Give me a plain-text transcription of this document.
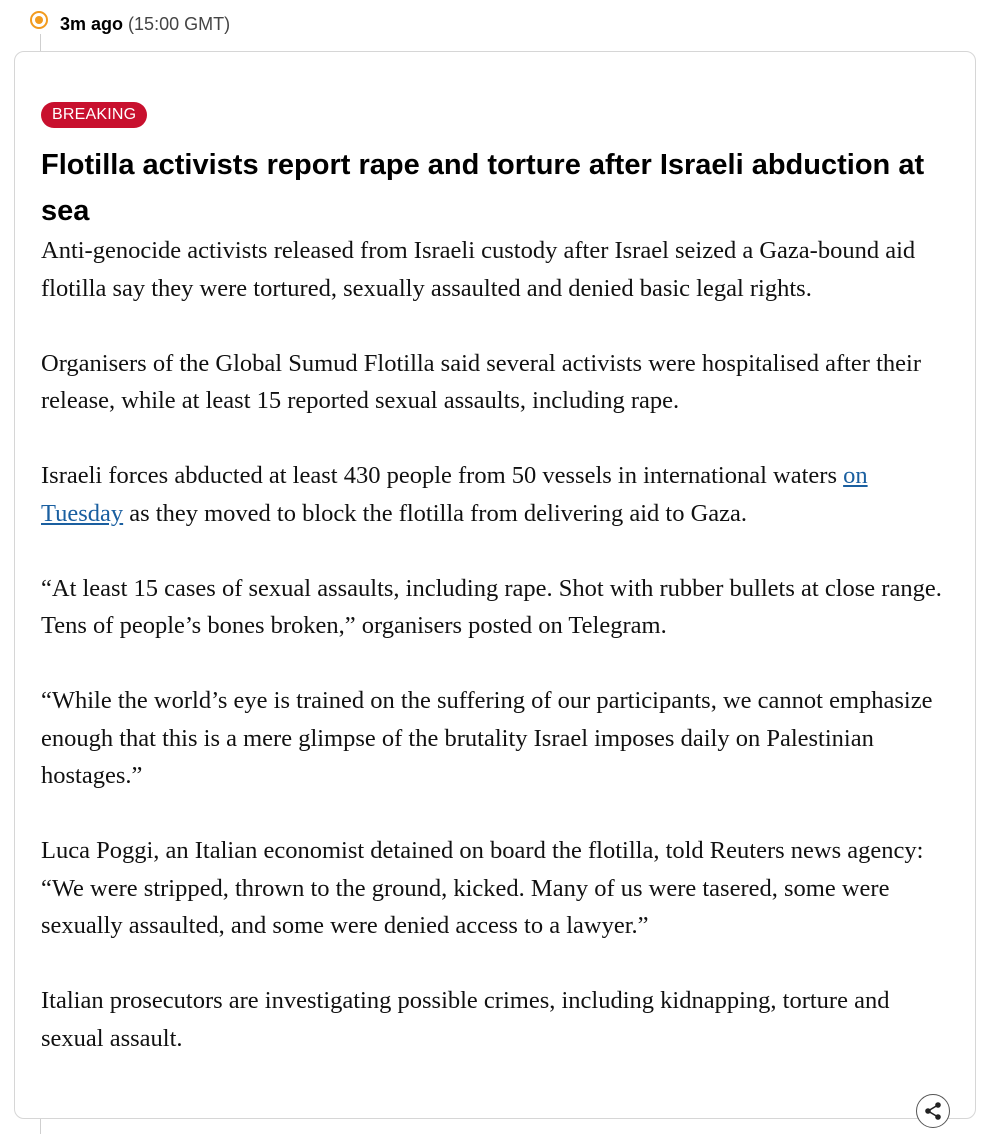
3m ago (15:00 GMT)
BREAKING
Flotilla activists report rape and torture after Israeli abduction at sea

Anti-genocide activists released from Israeli custody after Israel seized a Gaza-bound aid flotilla say they were tortured, sexually assaulted and denied basic legal rights.

Organisers of the Global Sumud Flotilla said several activists were hospitalised after their release, while at least 15 reported sexual assaults, including rape.

Israeli forces abducted at least 430 people from 50 vessels in international waters on Tuesday as they moved to block the flotilla from delivering aid to Gaza.

“At least 15 cases of sexual assaults, including rape. Shot with rubber bullets at close range. Tens of people’s bones broken,” organisers posted on Telegram.

“While the world’s eye is trained on the suffering of our participants, we cannot emphasize enough that this is a mere glimpse of the brutality Israel imposes daily on Palestinian hostages.”

Luca Poggi, an Italian economist detained on board the flotilla, told Reuters news agency: “We were stripped, thrown to the ground, kicked. Many of us were tasered, some were sexually assaulted, and some were denied access to a lawyer.”

Italian prosecutors are investigating possible crimes, including kidnapping, torture and sexual assault.
